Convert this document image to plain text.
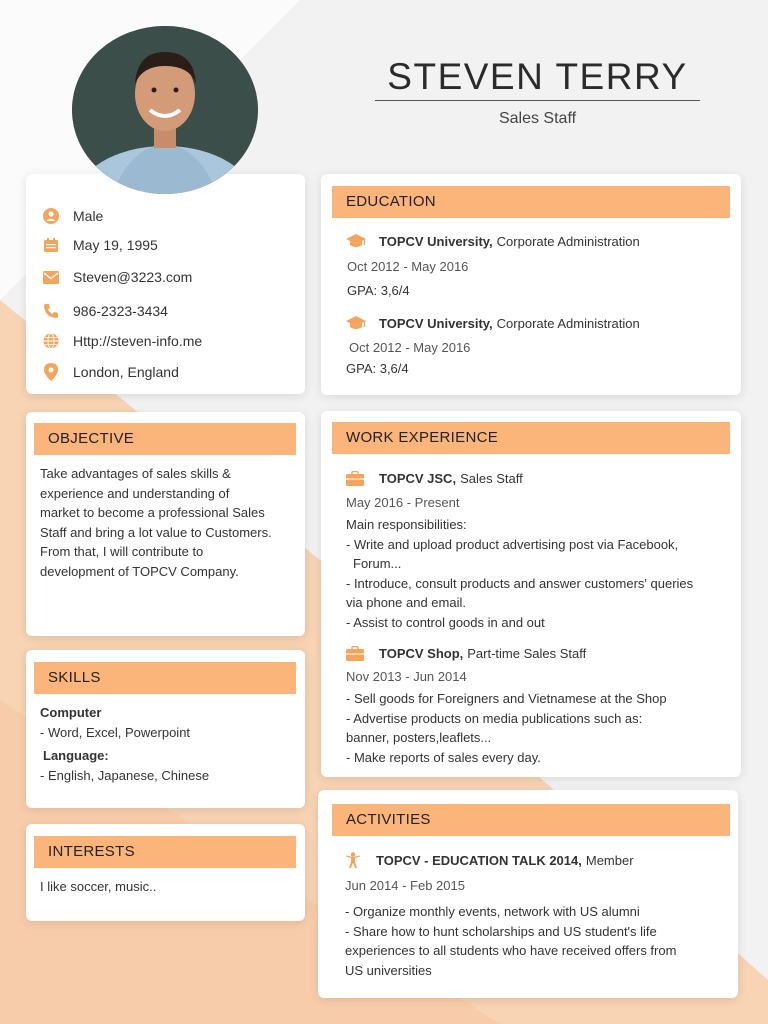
STEVEN TERRY
Sales Staff
Male
May 19, 1995
Steven@3223.com
986-2323-3434
Http://steven-info.me
London, England
OBJECTIVE
Take advantages of sales skills &
experience and understanding of
market to become a professional Sales
Staff and bring a lot value to Customers.
From that, I will contribute to
development of TOPCV Company.
SKILLS
Computer
- Word, Excel, Powerpoint
Language:
- English, Japanese, Chinese
INTERESTS
I like soccer, music..
EDUCATION
TOPCV University, Corporate Administration
Oct 2012 - May 2016
GPA: 3,6/4
TOPCV University, Corporate Administration
Oct 2012 - May 2016
GPA: 3,6/4
WORK EXPERIENCE
TOPCV JSC, Sales Staff
May 2016 - Present
Main responsibilities:
- Write and upload product advertising post via Facebook,
Forum...
- Introduce, consult products and answer customers' queries
via phone and email.
- Assist to control goods in and out
TOPCV Shop, Part-time Sales Staff
Nov 2013 - Jun 2014
- Sell goods for Foreigners and Vietnamese at the Shop
- Advertise products on media publications such as:
banner, posters,leaflets...
- Make reports of sales every day.
ACTIVITIES
TOPCV - EDUCATION TALK 2014, Member
Jun 2014 - Feb 2015
- Organize monthly events, network with US alumni
- Share how to hunt scholarships and US student's life
experiences to all students who have received offers from
US universities
